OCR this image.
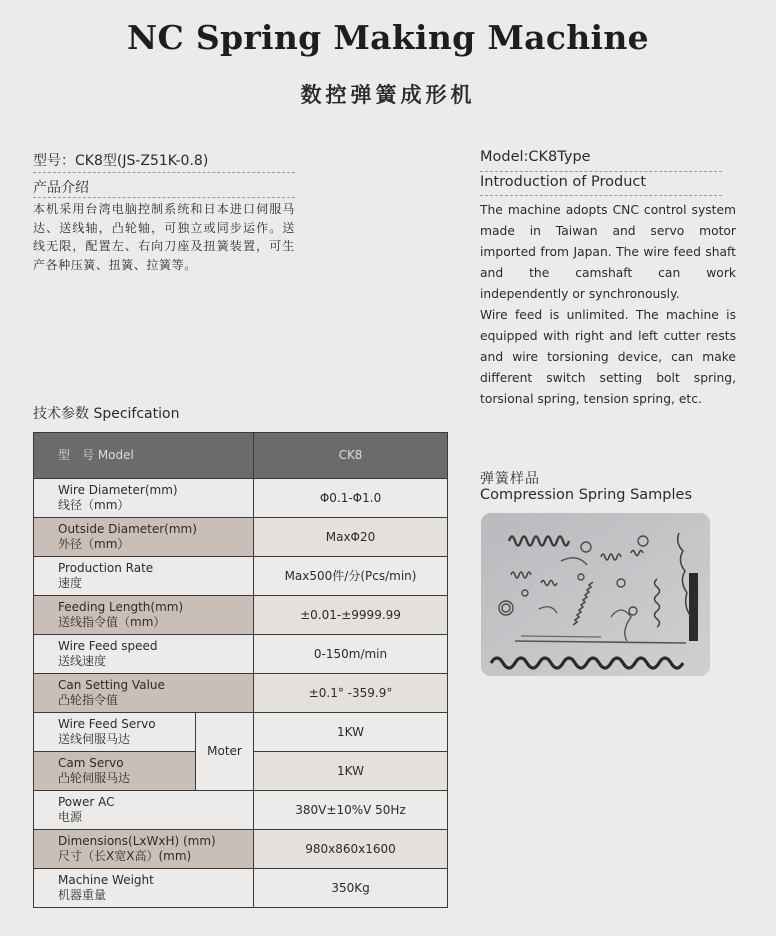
NC Spring Making Machine
数控弹簧成形机
型号：CK8型(JS-Z51K-0.8)
产品介绍
本机采用台湾电脑控制系统和日本进口伺服马达、送线轴，凸轮轴，可独立或同步运作。送线无限，配置左、右向刀座及扭簧装置，可生产各种压簧、扭簧、拉簧等。
Model:CK8Type
Introduction of Product

The machine adopts CNC control system made in Taiwan and servo motor imported from Japan. The wire feed shaft and the camshaft can work independently or synchronously.

Wire feed is unlimited. The machine is equipped with right and left cutter rests and wire torsioning device, can make different switch setting bolt spring, torsional spring, tension spring, etc.

技术参数 Specifcation
型　号 Model		CK8
Wire Diameter(mm)
线径（mm）		Φ0.1-Φ1.0
Outside Diameter(mm)
外径（mm）		MaxΦ20
Production Rate
速度		Max500件/分(Pcs/min)
Feeding Length(mm)
送线指令值（mm）		±0.01-±9999.99
Wire Feed speed
送线速度		0-150m/min
Can Setting Value
凸轮指令值		±0.1° -359.9°
Wire Feed Servo
送线伺服马达	Moter	1KW
Cam Servo
凸轮伺服马达		1KW
Power AC
电源		380V±10%V 50Hz
Dimensions(LxWxH) (mm)
尺寸（长X宽X高）(mm)		980x860x1600
Machine Weight
机器重量		350Kg
弹簧样品
Compression Spring Samples
